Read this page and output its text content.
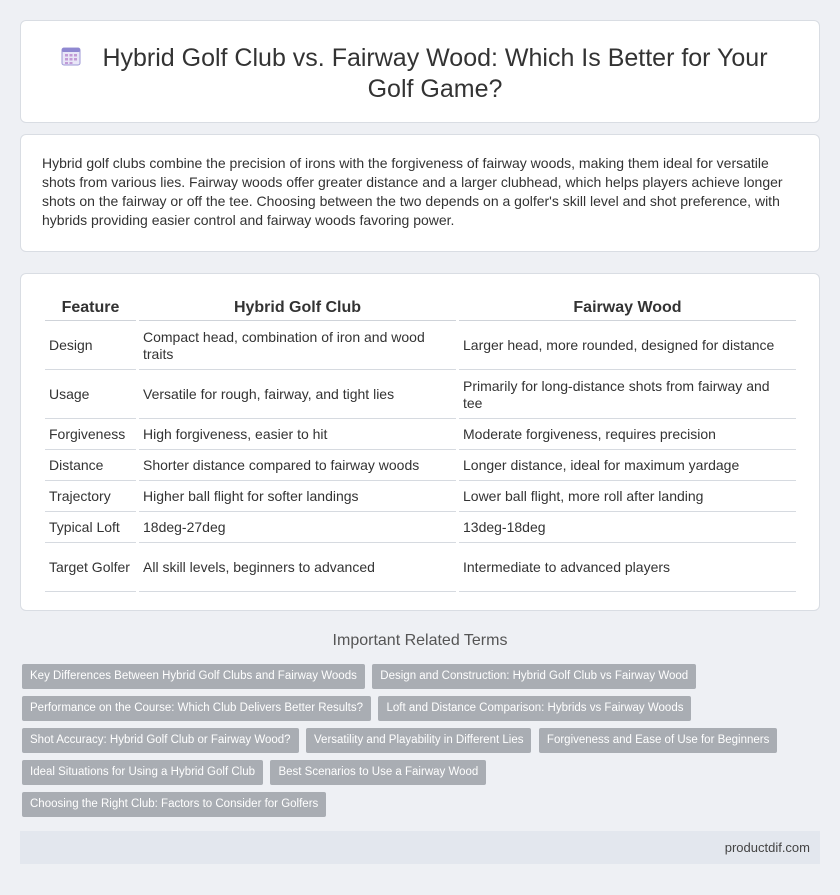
Hybrid Golf Club vs. Fairway Wood: Which Is Better for Your Golf Game?

Hybrid golf clubs combine the precision of irons with the forgiveness of fairway woods, making them ideal for versatile shots from various lies. Fairway woods offer greater distance and a larger clubhead, which helps players achieve longer shots on the fairway or off the tee. Choosing between the two depends on a golfer's skill level and shot preference, with hybrids providing easier control and fairway woods favoring power.

Feature	Hybrid Golf Club	Fairway Wood
Design	Compact head, combination of iron and wood traits	Larger head, more rounded, designed for distance
Usage	Versatile for rough, fairway, and tight lies	Primarily for long-distance shots from fairway and tee
Forgiveness	High forgiveness, easier to hit	Moderate forgiveness, requires precision
Distance	Shorter distance compared to fairway woods	Longer distance, ideal for maximum yardage
Trajectory	Higher ball flight for softer landings	Lower ball flight, more roll after landing
Typical Loft	18deg-27deg	13deg-18deg
Target Golfer	All skill levels, beginners to advanced	Intermediate to advanced players
Important Related Terms
Key Differences Between Hybrid Golf Clubs and Fairway Woods Design and Construction: Hybrid Golf Club vs Fairway Wood
Performance on the Course: Which Club Delivers Better Results? Loft and Distance Comparison: Hybrids vs Fairway Woods
Shot Accuracy: Hybrid Golf Club or Fairway Wood? Versatility and Playability in Different Lies Forgiveness and Ease of Use for Beginners
Ideal Situations for Using a Hybrid Golf Club Best Scenarios to Use a Fairway Wood
Choosing the Right Club: Factors to Consider for Golfers
productdif.com
